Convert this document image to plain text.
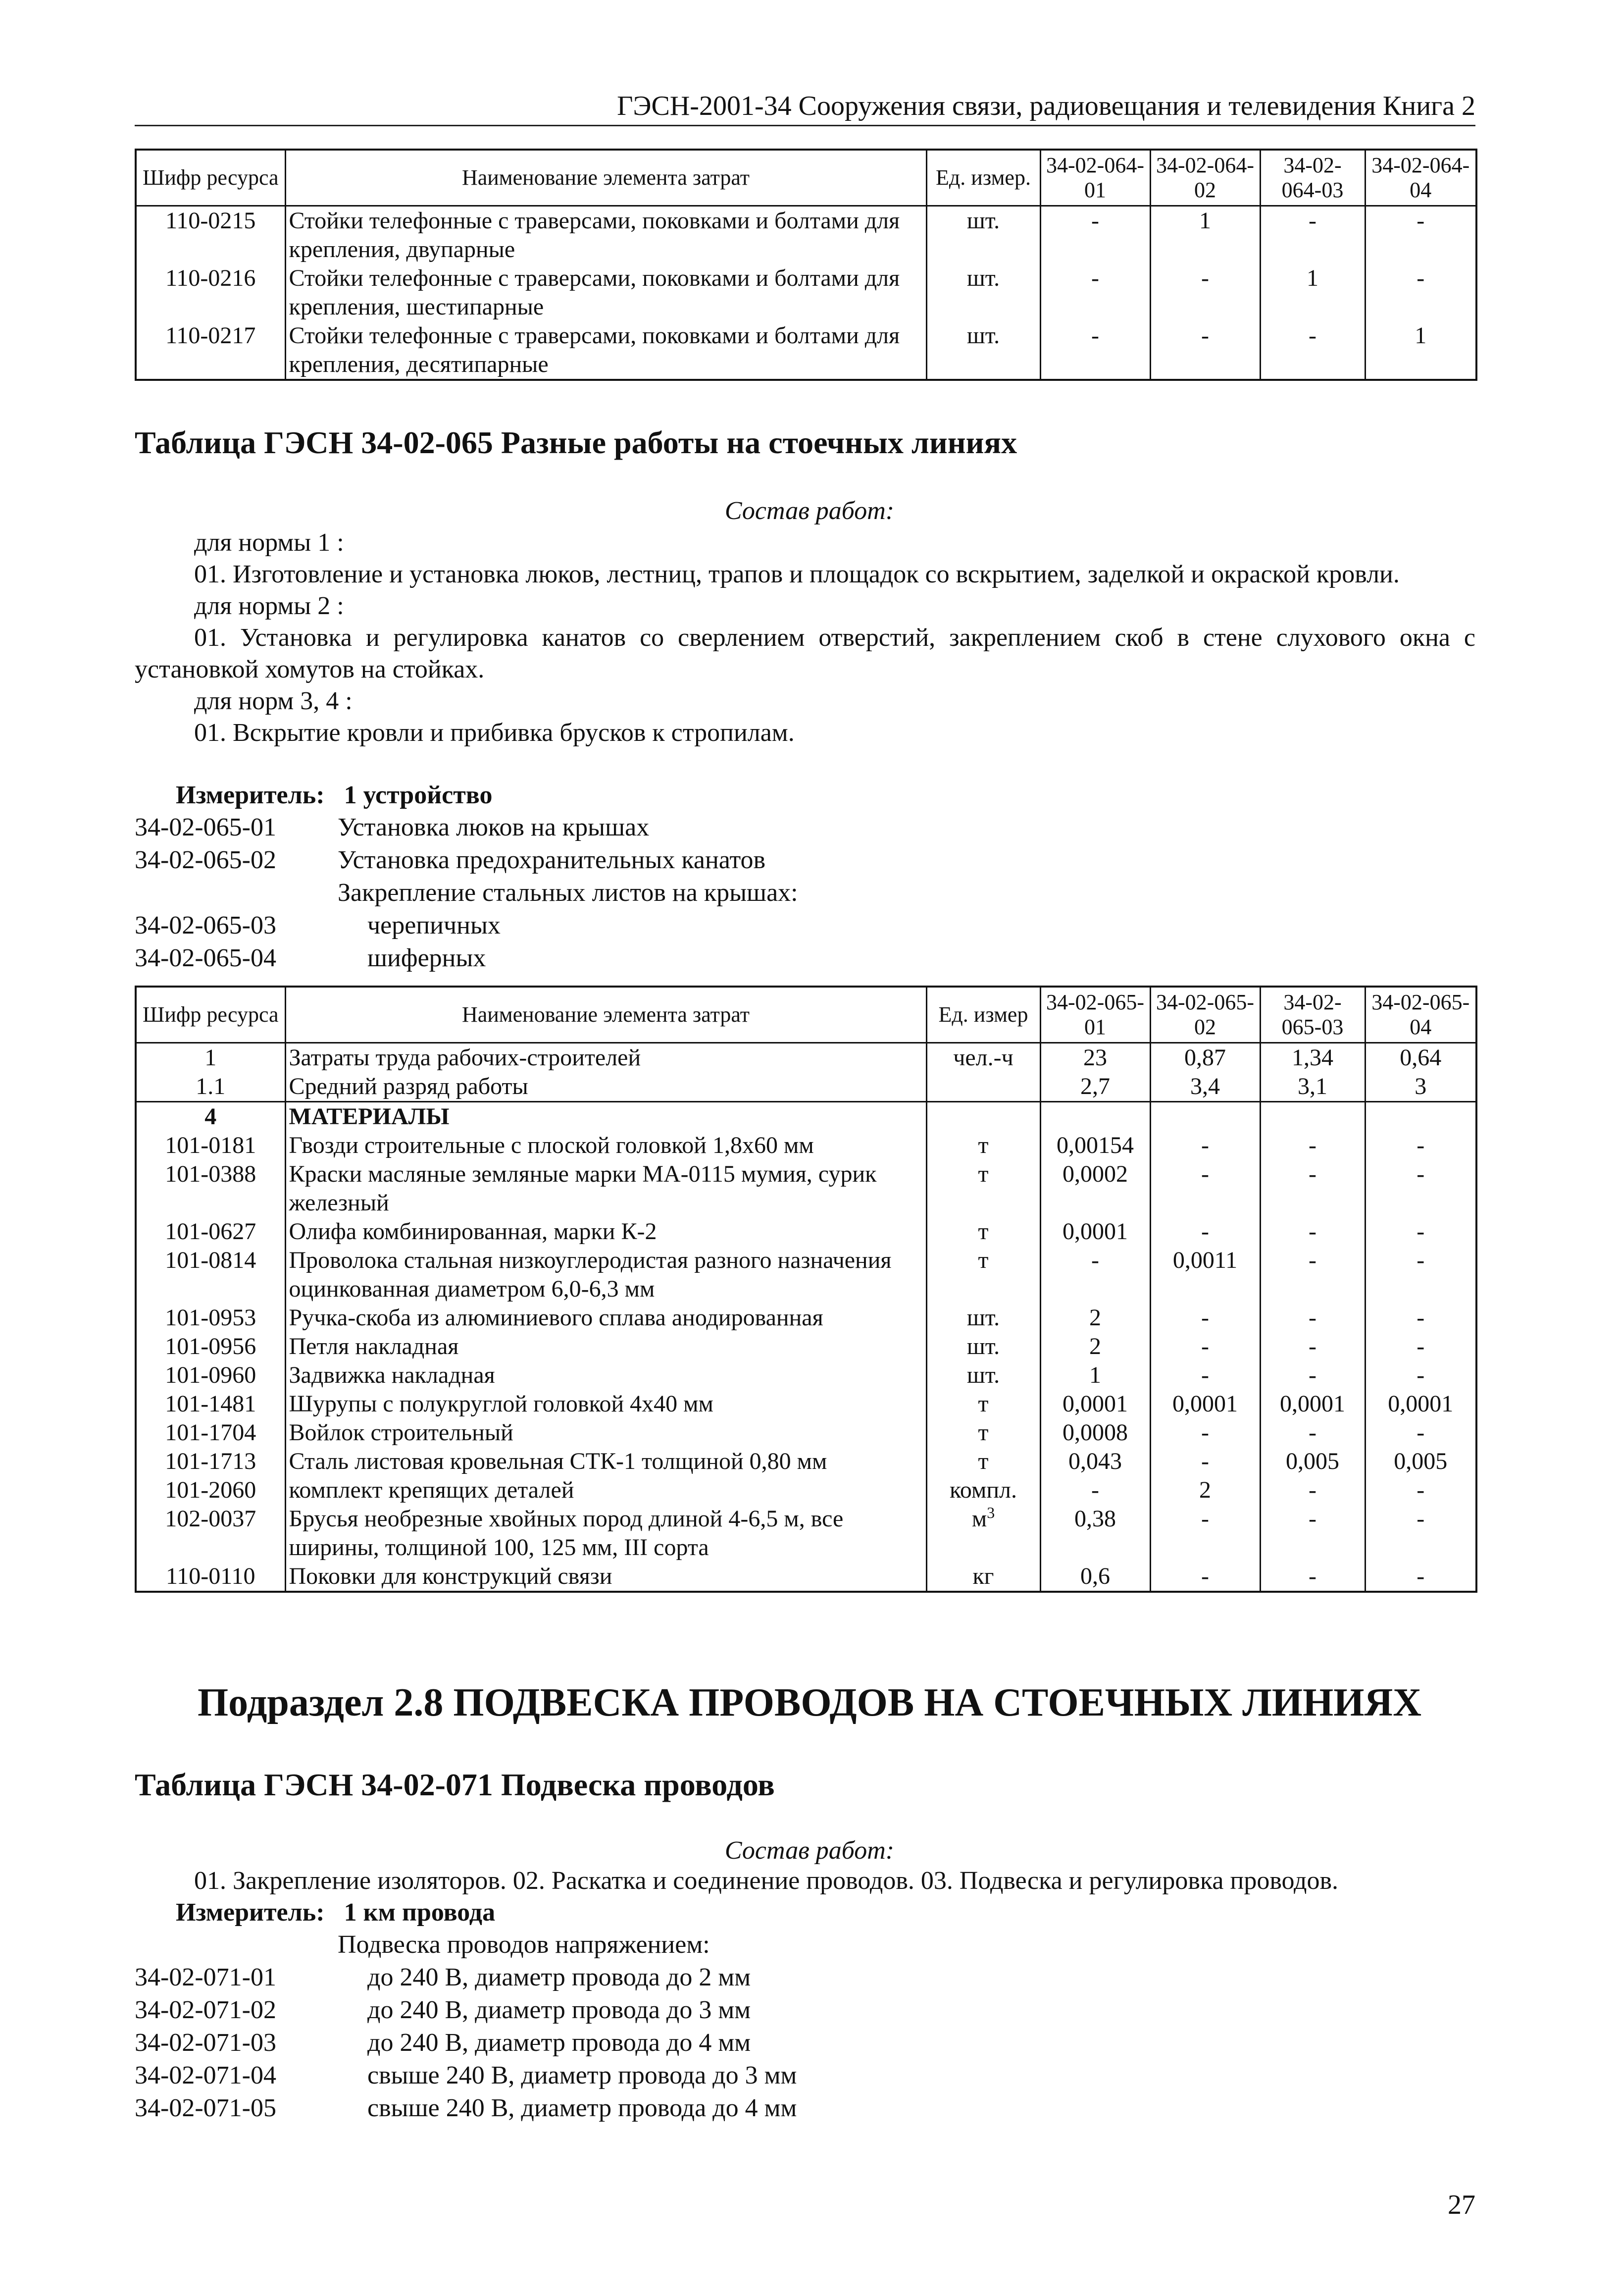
ГЭСН-2001-34 Сооружения связи, радиовещания и телевидения Книга 2
Шифр ресурса	Наименование элемента затрат	Ед. измер.	34-02-064-01	34-02-064-02	34-02-064-03	34-02-064-04
110-0215	Стойки телефонные с траверсами, поковками и болтами для крепления, двупарные	шт.	-	1	-	-
110-0216	Стойки телефонные с траверсами, поковками и болтами для крепления, шестипарные	шт.	-	-	1	-
110-0217	Стойки телефонные с траверсами, поковками и болтами для крепления, десятипарные	шт.	-	-	-	1
Таблица ГЭСН 34-02-065 Разные работы на стоечных линиях
Состав работ:
для нормы 1 :
01. Изготовление и установка люков, лестниц, трапов и площадок со вскрытием, заделкой и окраской кровли.
для нормы 2 :
01. Установка и регулировка канатов со сверлением отверстий, закреплением скоб в стене слухового окна с установкой хомутов на стойках.
для норм 3, 4 :
01. Вскрытие кровли и прибивка брусков к стропилам.
Измеритель: 1 устройство
34-02-065-01	Установка люков на крышах
34-02-065-02	Установка предохранительных канатов
Закрепление стальных листов на крышах:
34-02-065-03	черепичных
34-02-065-04	шиферных
Шифр ресурса	Наименование элемента затрат	Ед. измер	34-02-065-01	34-02-065-02	34-02-065-03	34-02-065-04
1	Затраты труда рабочих-строителей	чел.-ч	23	0,87	1,34	0,64
1.1	Средний разряд работы		2,7	3,4	3,1	3
4	МАТЕРИАЛЫ					
101-0181	Гвозди строительные с плоской головкой 1,8x60 мм	т	0,00154	-	-	-
101-0388	Краски масляные земляные марки МА-0115 мумия, сурик железный	т	0,0002	-	-	-
101-0627	Олифа комбинированная, марки К-2	т	0,0001	-	-	-
101-0814	Проволока стальная низкоуглеродистая разного назначения оцинкованная диаметром 6,0-6,3 мм	т	-	0,0011	-	-
101-0953	Ручка-скоба из алюминиевого сплава анодированная	шт.	2	-	-	-
101-0956	Петля накладная	шт.	2	-	-	-
101-0960	Задвижка накладная	шт.	1	-	-	-
101-1481	Шурупы с полукруглой головкой 4x40 мм	т	0,0001	0,0001	0,0001	0,0001
101-1704	Войлок строительный	т	0,0008	-	-	-
101-1713	Сталь листовая кровельная СТК-1 толщиной 0,80 мм	т	0,043	-	0,005	0,005
101-2060	комплект крепящих деталей	компл.	-	2	-	-
102-0037	Брусья необрезные хвойных пород длиной 4-6,5 м, все ширины, толщиной 100, 125 мм, III сорта	$м^3$	0,38	-	-	-
110-0110	Поковки для конструкций связи	кг	0,6	-	-	-
Подраздел 2.8 ПОДВЕСКА ПРОВОДОВ НА СТОЕЧНЫХ ЛИНИЯХ
Таблица ГЭСН 34-02-071 Подвеска проводов
Состав работ:
01. Закрепление изоляторов. 02. Раскатка и соединение проводов. 03. Подвеска и регулировка проводов.
Измеритель: 1 км провода
Подвеска проводов напряжением:
34-02-071-01	до 240 В, диаметр провода до 2 мм
34-02-071-02	до 240 В, диаметр провода до 3 мм
34-02-071-03	до 240 В, диаметр провода до 4 мм
34-02-071-04	свыше 240 В, диаметр провода до 3 мм
34-02-071-05	свыше 240 В, диаметр провода до 4 мм
27
